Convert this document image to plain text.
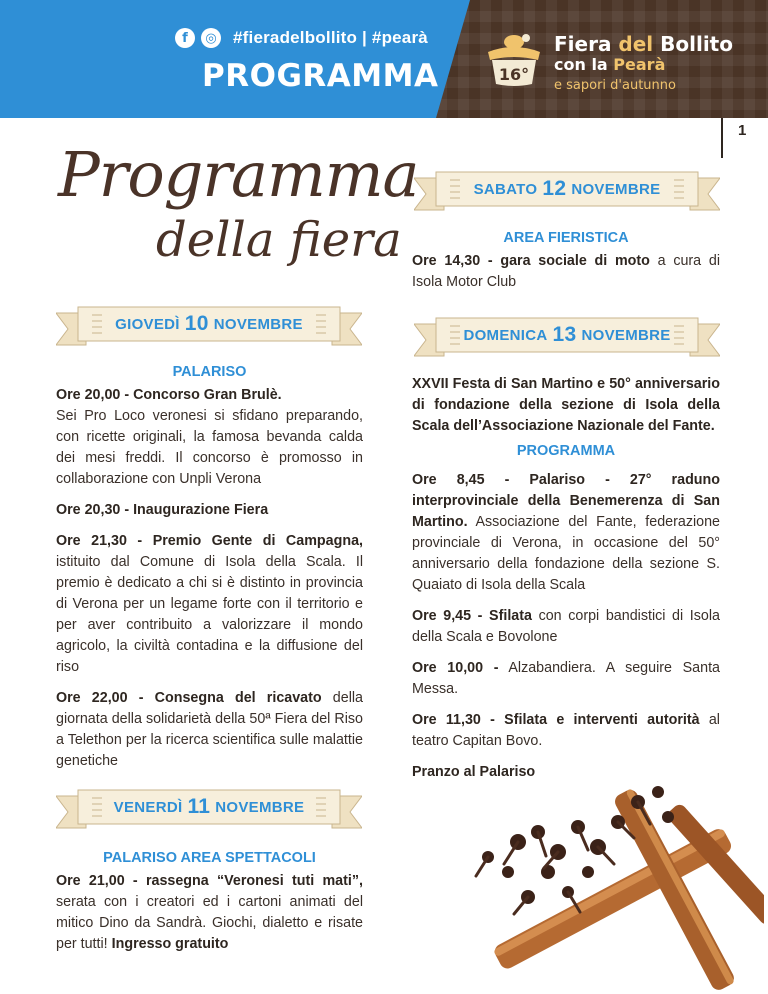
f	◎ #fieradelbollito | #pearà
PROGRAMMA	16°
Fiera del Bollito
con la Pearà
e sapori d'autunno
1
Programma
della fiera
GIOVEDÌ 10 NOVEMBRE
VENERDÌ 11 NOVEMBRE
SABATO 12 NOVEMBRE
DOMENICA 13 NOVEMBRE
PALARISO

Ore 20,00 - Concorso Gran Brulè.
Sei Pro Loco veronesi si sfidano preparando, con ricette originali, la famosa bevanda calda dei mesi freddi. Il concorso è promosso in collaborazione con Unpli Verona

Ore 20,30 - Inaugurazione Fiera

Ore 21,30 - Premio Gente di Campagna, istituito dal Comune di Isola della Scala. Il premio è dedicato a chi si è distinto in provincia di Verona per un legame forte con il territorio e per aver contribuito a valorizzare il mondo agricolo, la civiltà contadina e la diffusione del riso

Ore 22,00 - Consegna del ricavato della giornata della solidarietà della 50ª Fiera del Riso a Telethon per la ricerca scientifica sulle malattie genetiche

PALARISO AREA SPETTACOLI

Ore 21,00 - rassegna “Veronesi tuti mati”, serata con i creatori ed i cartoni animati del mitico Dino da Sandrà. Giochi, dialetto e risate per tutti! Ingresso gratuito

AREA FIERISTICA

Ore 14,30 - gara sociale di moto a cura di Isola Motor Club

XXVII Festa di San Martino e 50° anniversario di fondazione della sezione di Isola della Scala dell’Associazione Nazionale del Fante.

PROGRAMMA

Ore 8,45 - Palariso - 27° raduno interprovinciale della Benemerenza di San Martino. Associazione del Fante, federazione provinciale di Verona, in occasione del 50° anniversario della fondazione della sezione S. Quaiato di Isola della Scala

Ore 9,45 - Sfilata con corpi bandistici di Isola della Scala e Bovolone

Ore 10,00 - Alzabandiera. A seguire Santa Messa.

Ore 11,30 - Sfilata e interventi autorità al teatro Capitan Bovo.

Pranzo al Palariso
